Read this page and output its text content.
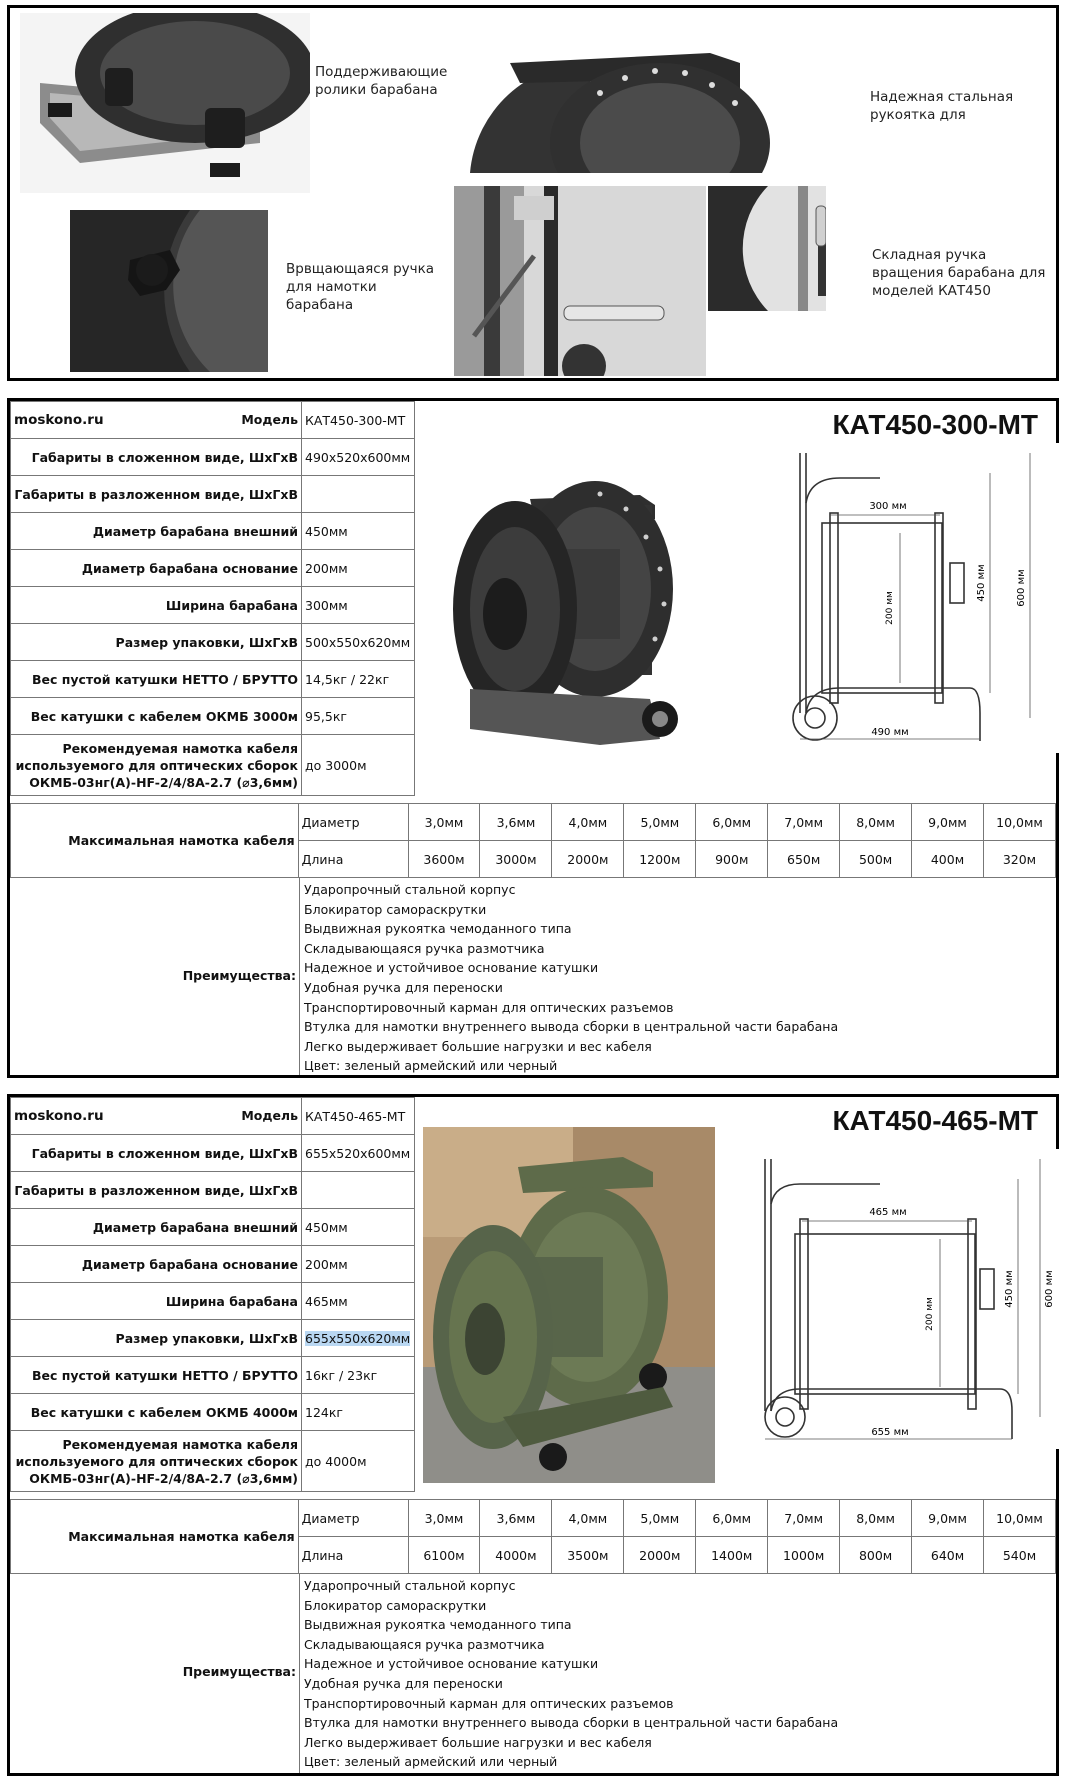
Поддерживающие
ролики барабана	Надежная стальная
рукоятка для
Врвщающаяся ручка
для намотки
барабана
Складная ручка
вращения барабана для
моделей КАТ450
moskono.ru Модель	КАТ450-300-МТ
Габариты в сложенном виде, ШхГхВ	490x520x600мм
Габариты в разложенном виде, ШхГхВ	
Диаметр барабана внешний	450мм
Диаметр барабана основание	200мм
Ширина барабана	300мм
Размер упаковки, ШхГхВ	500x550x620мм
Вес пустой катушки НЕТТО / БРУТТО	14,5кг / 22кг
Вес катушки с кабелем ОКМБ 3000м	95,5кг
Рекомендуемая намотка кабеля
используемого для оптических сборок
ОКМБ-03нг(А)-HF-2/4/8А-2.7 (⌀3,6мм)	до 3000м
КАТ450-300-МТ
300 мм
200 мм
450 мм	600 мм
490 мм
Максимальная намотка кабеля	Диаметр	3,0мм	3,6мм	4,0мм	5,0мм	6,0мм	7,0мм	8,0мм	9,0мм	10,0мм
	Длина	3600м	3000м	2000м	1200м	900м	650м	500м	400м	320м
Преимущества:
Ударопрочный стальной корпус
Блокиратор самораскрутки
Выдвижная рукоятка чемоданного типа
Складывающаяся ручка размотчика
Надежное и устойчивое основание катушки
Удобная ручка для переноски
Транспортировочный карман для оптических разъемов
Втулка для намотки внутреннего вывода сборки в центральной части барабана
Легко выдерживает большие нагрузки и вес кабеля
Цвет: зеленый армейский или черный
moskono.ru Модель	КАТ450-465-МТ
Габариты в сложенном виде, ШхГхВ	655x520x600мм
Габариты в разложенном виде, ШхГхВ	
Диаметр барабана внешний	450мм
Диаметр барабана основание	200мм
Ширина барабана	465мм
Размер упаковки, ШхГхВ	655x550x620мм
Вес пустой катушки НЕТТО / БРУТТО	16кг / 23кг
Вес катушки с кабелем ОКМБ 4000м	124кг
Рекомендуемая намотка кабеля
используемого для оптических сборок
ОКМБ-03нг(А)-HF-2/4/8А-2.7 (⌀3,6мм)	до 4000м
КАТ450-465-МТ
465 мм
200 мм
450 мм	600 мм
655 мм
Максимальная намотка кабеля	Диаметр	3,0мм	3,6мм	4,0мм	5,0мм	6,0мм	7,0мм	8,0мм	9,0мм	10,0мм
	Длина	6100м	4000м	3500м	2000м	1400м	1000м	800м	640м	540м
Преимущества:
Ударопрочный стальной корпус
Блокиратор самораскрутки
Выдвижная рукоятка чемоданного типа
Складывающаяся ручка размотчика
Надежное и устойчивое основание катушки
Удобная ручка для переноски
Транспортировочный карман для оптических разъемов
Втулка для намотки внутреннего вывода сборки в центральной части барабана
Легко выдерживает большие нагрузки и вес кабеля
Цвет: зеленый армейский или черный
